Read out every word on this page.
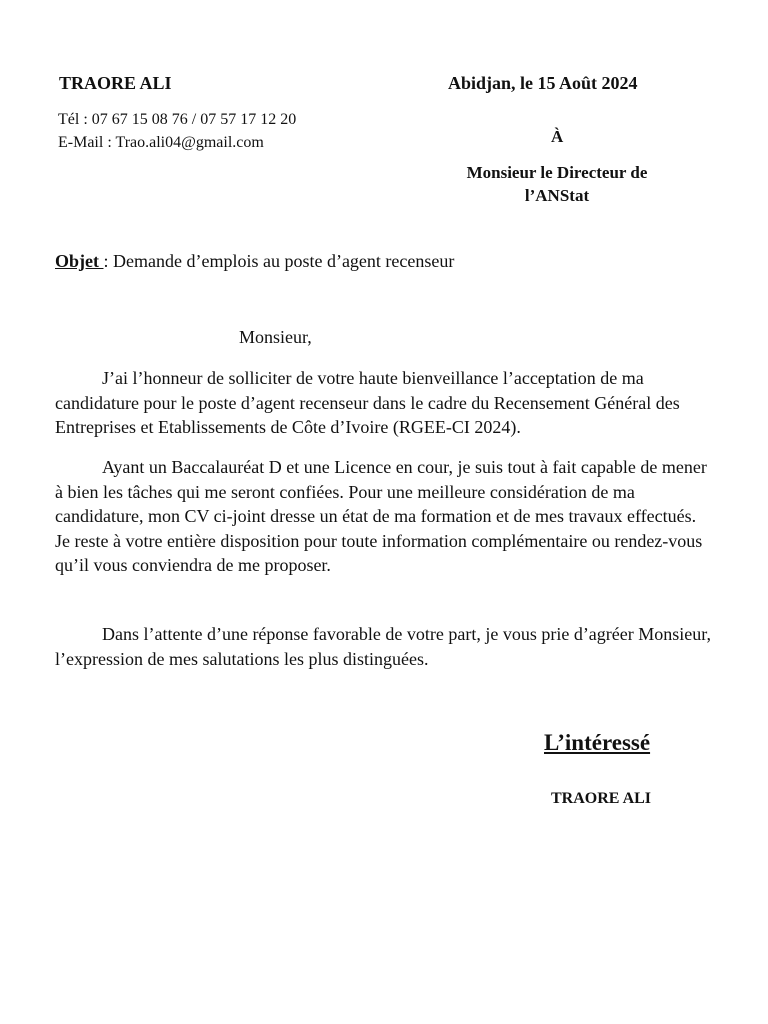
TRAORE ALI
Tél : 07 67 15 08 76 / 07 57 17 12 20
E-Mail : Trao.ali04@gmail.com
Abidjan, le 15 Août 2024
À
Monsieur le Directeur de l’ANStat
Objet : Demande d’emplois au poste d’agent recenseur
Monsieur,

J’ai l’honneur de solliciter de votre haute bienveillance l’acceptation de ma candidature pour le poste d’agent recenseur dans le cadre du Recensement Général des Entreprises et Etablissements de Côte d’Ivoire (RGEE-CI 2024).

Ayant un Baccalauréat D et une Licence en cour, je suis tout à fait capable de mener à bien les tâches qui me seront confiées. Pour une meilleure considération de ma candidature, mon CV ci-joint dresse un état de ma formation et de mes travaux effectués. Je reste à votre entière disposition pour toute information complémentaire ou rendez-vous qu’il vous conviendra de me proposer.

Dans l’attente d’une réponse favorable de votre part, je vous prie d’agréer Monsieur, l’expression de mes salutations les plus distinguées.

L’intéressé
TRAORE ALI
